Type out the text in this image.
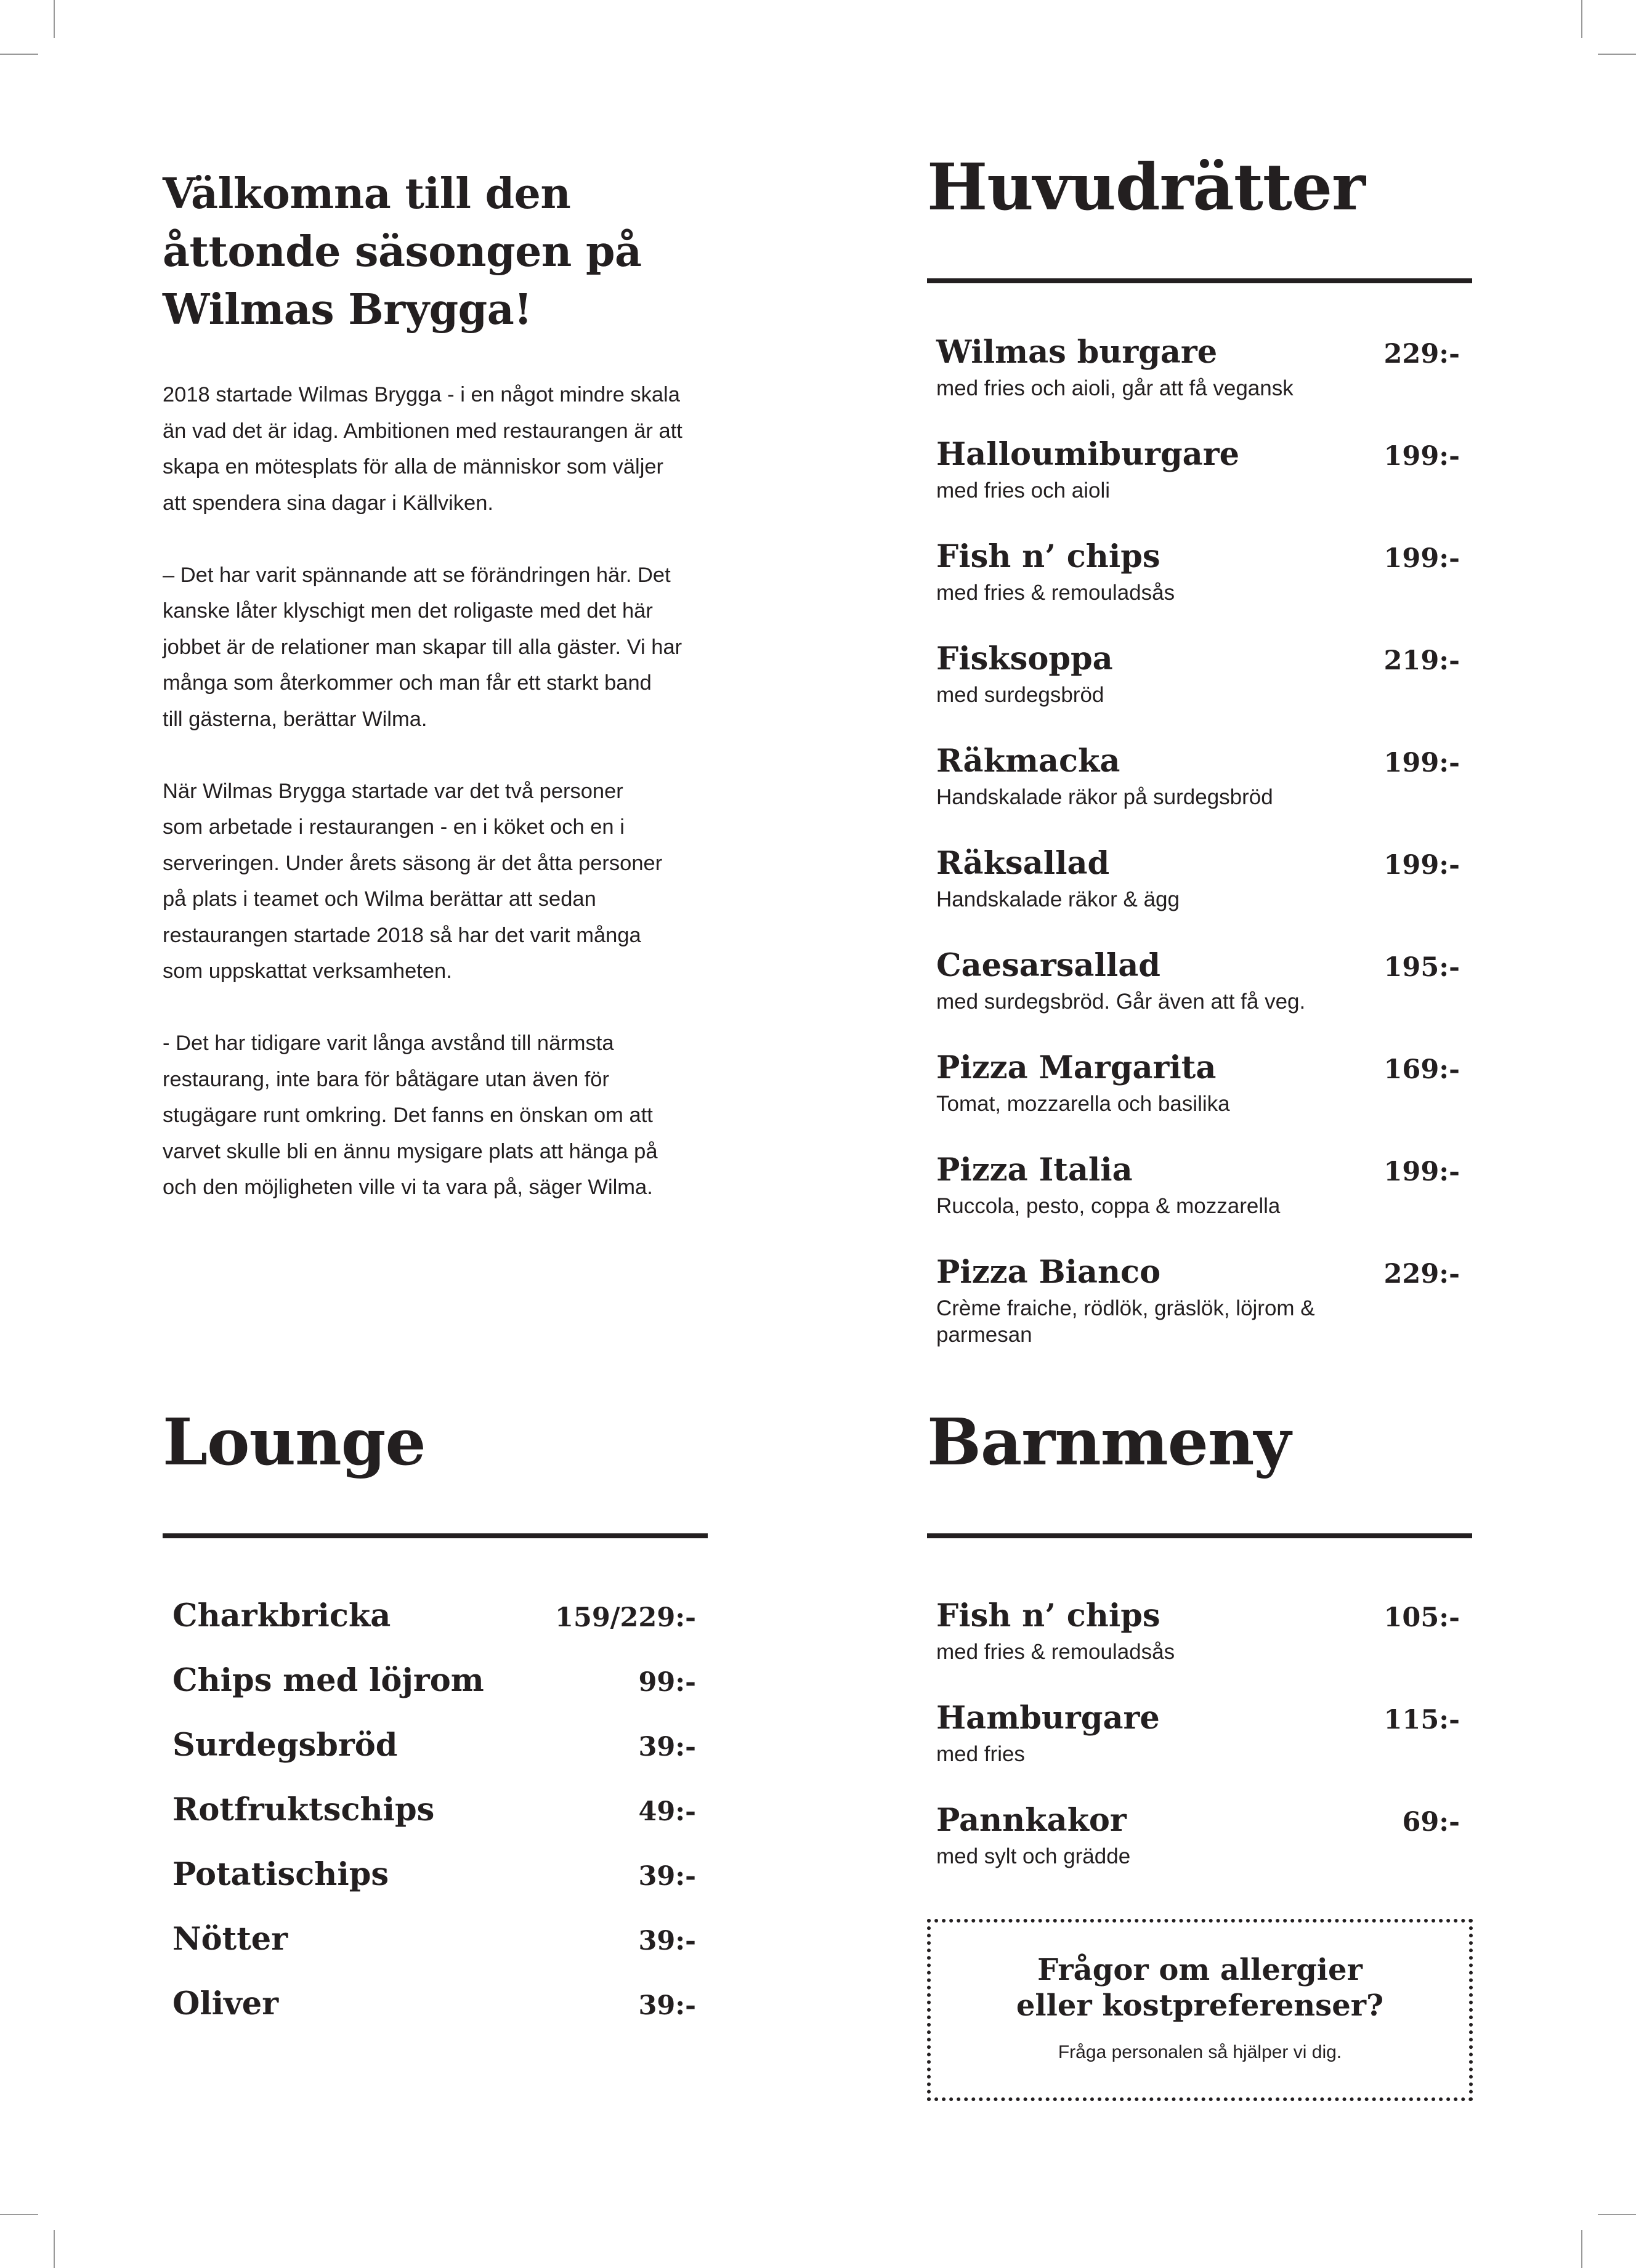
Välkomna till den
åttonde säsongen på
Wilmas Brygga!

2018 startade Wilmas Brygga - i en något mindre skala
än vad det är idag. Ambitionen med restaurangen är att
skapa en mötesplats för alla de människor som väljer
att spendera sina dagar i Källviken.

– Det har varit spännande att se förändringen här. Det
kanske låter klyschigt men det roligaste med det här
jobbet är de relationer man skapar till alla gäster. Vi har
många som återkommer och man får ett starkt band
till gästerna, berättar Wilma.

När Wilmas Brygga startade var det två personer
som arbetade i restaurangen - en i köket och en i
serveringen. Under årets säsong är det åtta personer
på plats i teamet och Wilma berättar att sedan
restaurangen startade 2018 så har det varit många
som uppskattat verksamheten.

- Det har tidigare varit långa avstånd till närmsta
restaurang, inte bara för båtägare utan även för
stugägare runt omkring. Det fanns en önskan om att
varvet skulle bli en ännu mysigare plats att hänga på
och den möjligheten ville vi ta vara på, säger Wilma.

Huvudrätter
Wilmas burgare	229:-
med fries och aioli, går att få vegansk
Halloumiburgare	199:-
med fries och aioli
Fish n’ chips	199:-
med fries & remouladsås
Fisksoppa	219:-
med surdegsbröd
Räkmacka	199:-
Handskalade räkor på surdegsbröd
Räksallad	199:-
Handskalade räkor & ägg
Caesarsallad	195:-
med surdegsbröd. Går även att få veg.
Pizza Margarita	169:-
Tomat, mozzarella och basilika
Pizza Italia	199:-
Ruccola, pesto, coppa & mozzarella
Pizza Bianco	229:-
Crème fraiche, rödlök, gräslök, löjrom & parmesan
Lounge
Charkbricka	159/229:-
Chips med löjrom	99:-
Surdegsbröd	39:-
Rotfruktschips	49:-
Potatischips	39:-
Nötter	39:-
Oliver	39:-
Barnmeny
Fish n’ chips	105:-
med fries & remouladsås
Hamburgare	115:-
med fries
Pannkakor	69:-
med sylt och grädde
Frågor om allergier
eller kostpreferenser?
Fråga personalen så hjälper vi dig.
